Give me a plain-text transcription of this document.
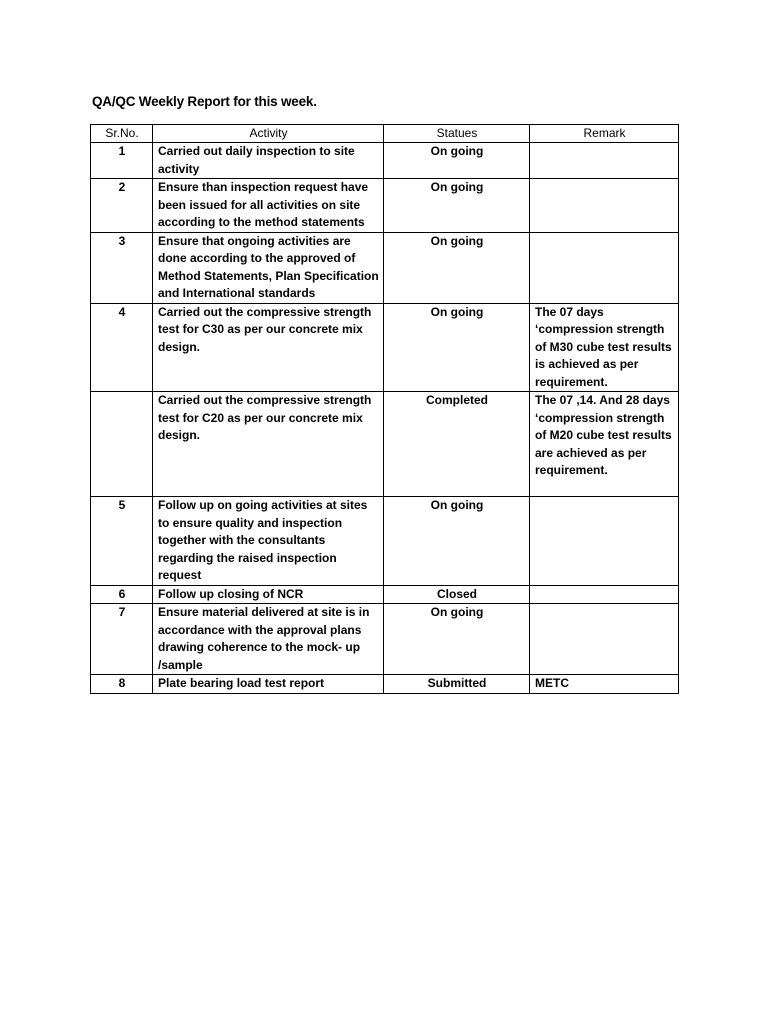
QA/QC Weekly Report for this week.
Sr.No.	Activity	Statues	Remark
1	Carried out daily inspection to site activity	On going	
2	Ensure than inspection request have been issued for all activities on site according to the method statements	On going	
3	Ensure that ongoing activities are done according to the approved of Method Statements, Plan Specification and International standards	On going	
4	Carried out the compressive strength test for C30 as per our concrete mix design.	On going	The 07 days ‘compression strength of M30 cube test results is achieved as per requirement.
	Carried out the compressive strength test for C20 as per our concrete mix design.	Completed	The 07 ,14. And 28 days ‘compression strength of M20 cube test results are achieved as per requirement.
5	Follow up on going activities at sites to ensure quality and inspection together with the consultants regarding the raised inspection request	On going	
6	Follow up closing of NCR	Closed	
7	Ensure material delivered at site is in accordance with the approval plans drawing coherence to the mock- up /sample	On going	
8	Plate bearing load test report	Submitted	METC
